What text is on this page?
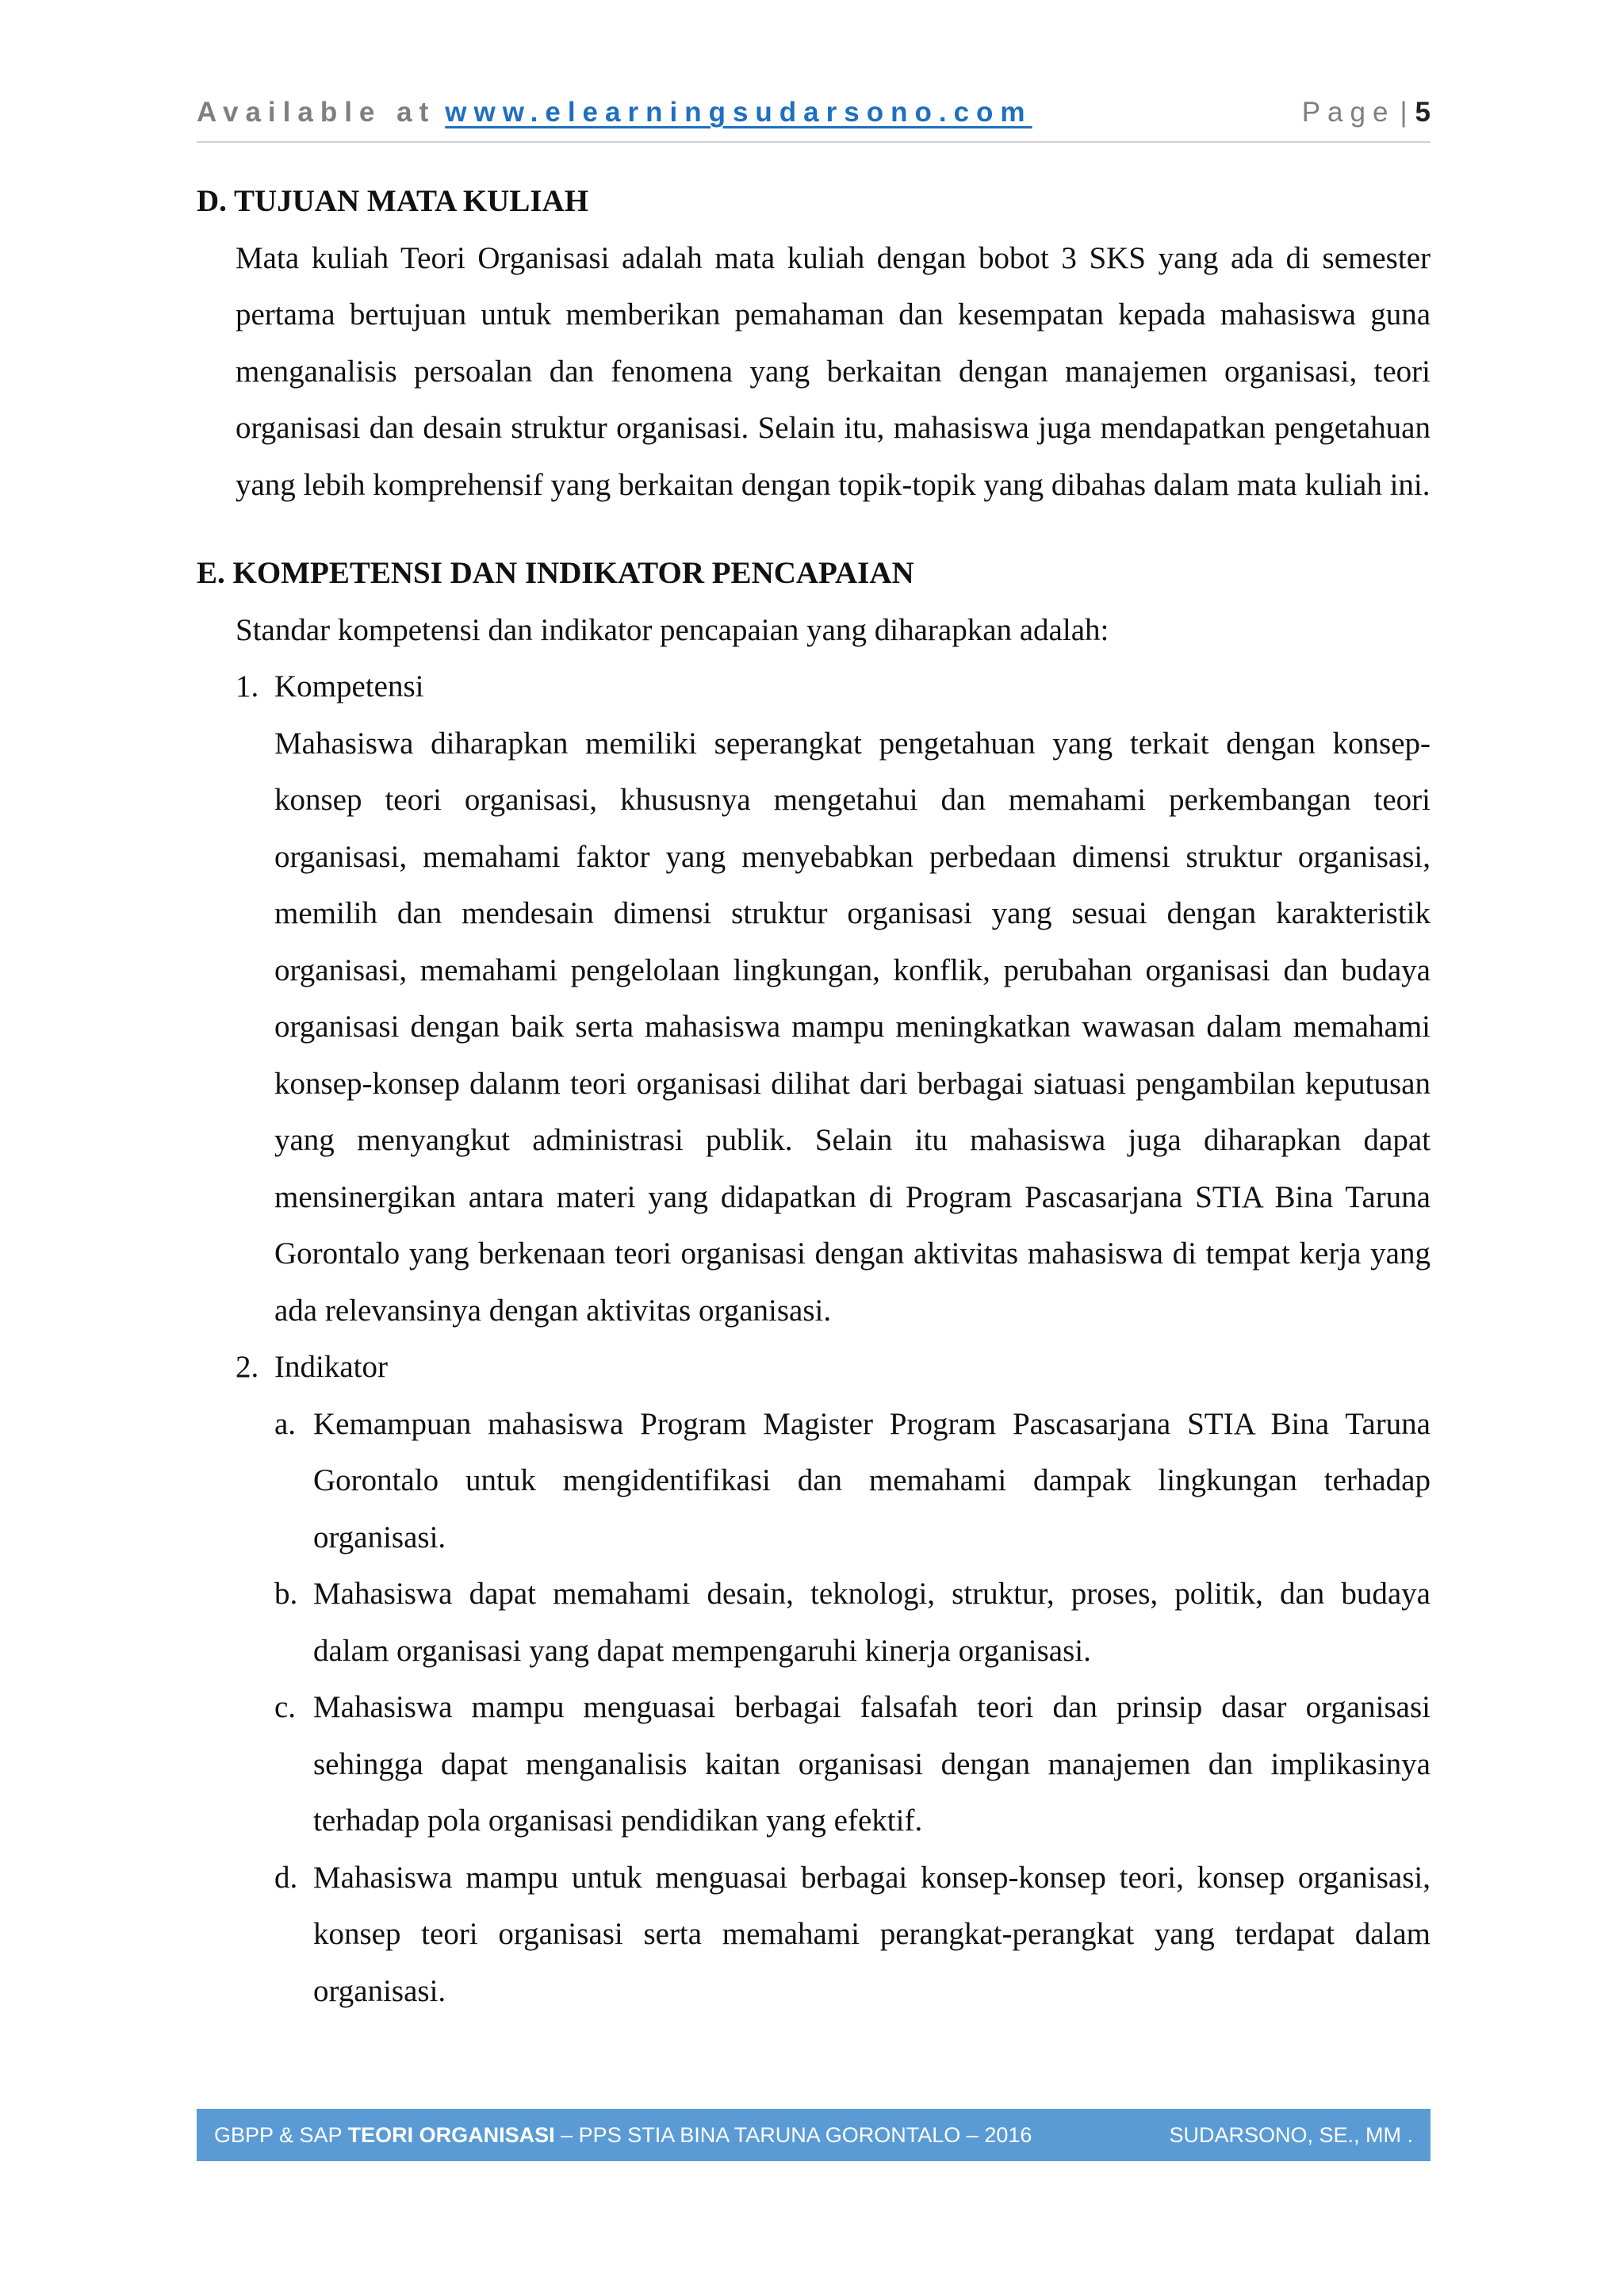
Available at www.elearningsudarsono.com	Page | 5
D. TUJUAN MATA KULIAH

Mata kuliah Teori Organisasi adalah mata kuliah dengan bobot 3 SKS yang ada di semester pertama bertujuan untuk memberikan pemahaman dan kesempatan kepada mahasiswa guna menganalisis persoalan dan fenomena yang berkaitan dengan manajemen organisasi, teori organisasi dan desain struktur organisasi. Selain itu, mahasiswa juga mendapatkan pengetahuan yang lebih komprehensif yang berkaitan dengan topik-topik yang dibahas dalam mata kuliah ini.

E. KOMPETENSI DAN INDIKATOR PENCAPAIAN

Standar kompetensi dan indikator pencapaian yang diharapkan adalah:

1. Kompetensi

Mahasiswa diharapkan memiliki seperangkat pengetahuan yang terkait dengan konsep-konsep teori organisasi, khususnya mengetahui dan memahami perkembangan teori organisasi, memahami faktor yang menyebabkan perbedaan dimensi struktur organisasi, memilih dan mendesain dimensi struktur organisasi yang sesuai dengan karakteristik organisasi, memahami pengelolaan lingkungan, konflik, perubahan organisasi dan budaya organisasi dengan baik serta mahasiswa mampu meningkatkan wawasan dalam memahami konsep-konsep dalanm teori organisasi dilihat dari berbagai siatuasi pengambilan keputusan yang menyangkut administrasi publik. Selain itu mahasiswa juga diharapkan dapat mensinergikan antara materi yang didapatkan di Program Pascasarjana STIA Bina Taruna Gorontalo yang berkenaan teori organisasi dengan aktivitas mahasiswa di tempat kerja yang ada relevansinya dengan aktivitas organisasi.

2. Indikator
a. Kemampuan mahasiswa Program Magister Program Pascasarjana STIA Bina Taruna Gorontalo untuk mengidentifikasi dan memahami dampak lingkungan terhadap organisasi.

b. Mahasiswa dapat memahami desain, teknologi, struktur, proses, politik, dan budaya dalam organisasi yang dapat mempengaruhi kinerja organisasi.

c. Mahasiswa mampu menguasai berbagai falsafah teori dan prinsip dasar organisasi sehingga dapat menganalisis kaitan organisasi dengan manajemen dan implikasinya terhadap pola organisasi pendidikan yang efektif.

d. Mahasiswa mampu untuk menguasai berbagai konsep-konsep teori, konsep organisasi, konsep teori organisasi serta memahami perangkat-perangkat yang terdapat dalam organisasi.

GBPP & SAP TEORI ORGANISASI – PPS STIA BINA TARUNA GORONTALO – 2016	SUDARSONO, SE., MM .
